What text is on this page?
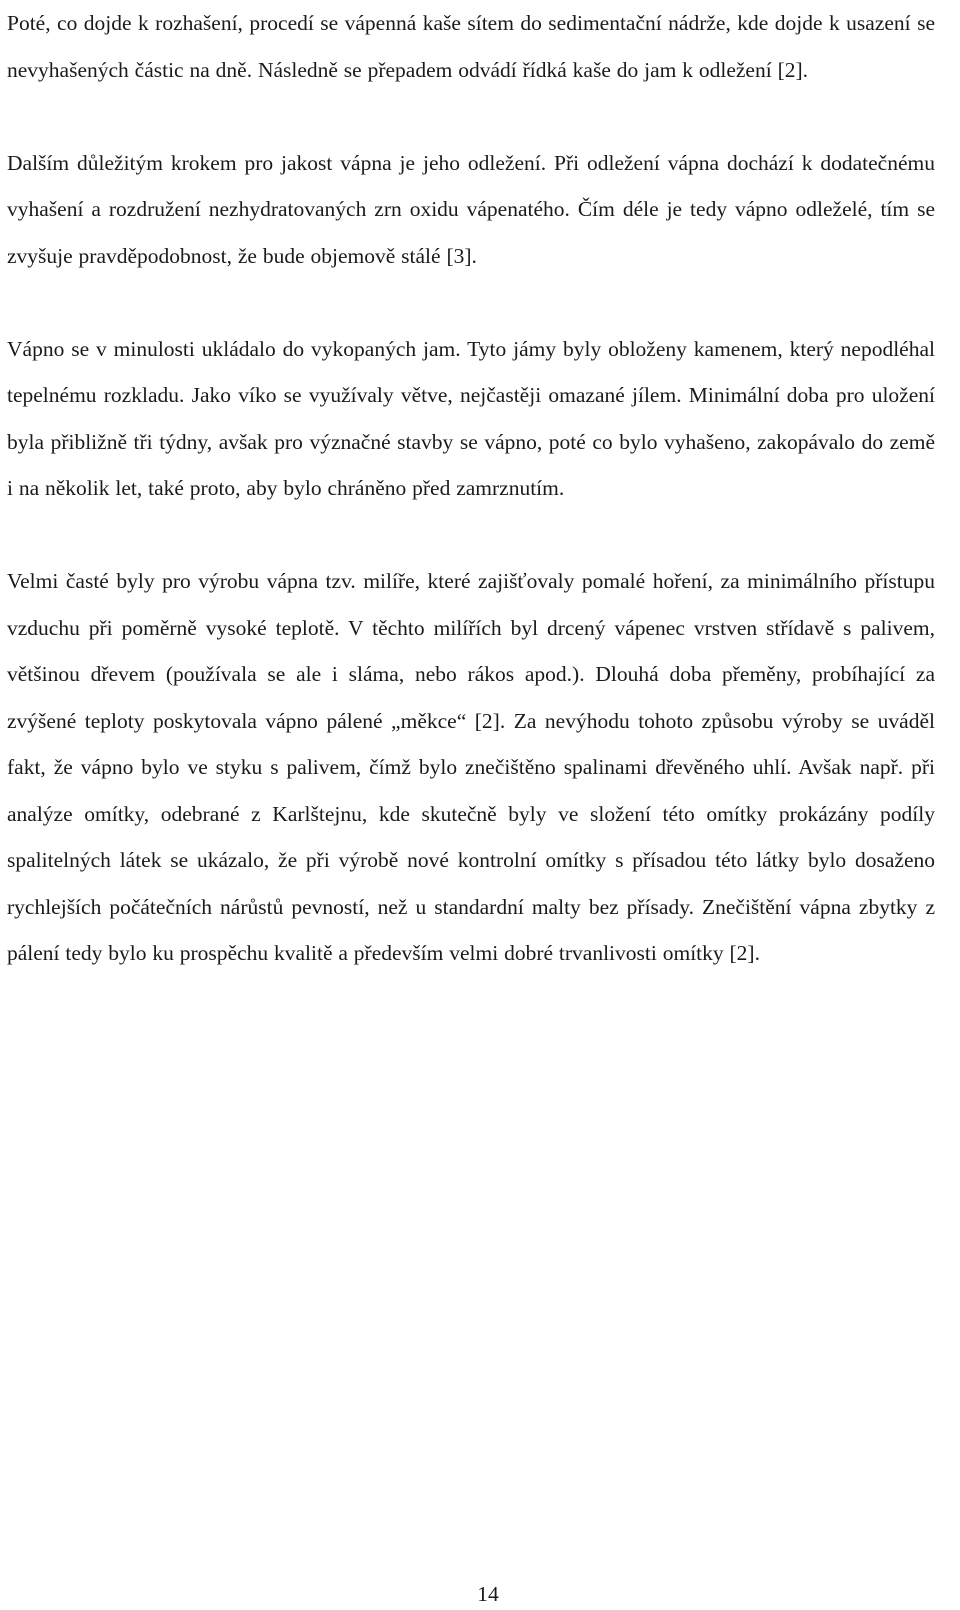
Poté, co dojde k rozhašení, procedí se vápenná kaše sítem do sedimentační nádrže, kde dojde k usazení se nevyhašených částic na dně. Následně se přepadem odvádí řídká kaše do jam k odležení [2].

Dalším důležitým krokem pro jakost vápna je jeho odležení. Při odležení vápna dochází k dodatečnému vyhašení a rozdružení nezhydratovaných zrn oxidu vápenatého. Čím déle je tedy vápno odleželé, tím se zvyšuje pravděpodobnost, že bude objemově stálé [3].

Vápno se v minulosti ukládalo do vykopaných jam. Tyto jámy byly obloženy kamenem, který nepodléhal tepelnému rozkladu. Jako víko se využívaly větve, nejčastěji omazané jílem. Minimální doba pro uložení byla přibližně tři týdny, avšak pro význačné stavby se vápno, poté co bylo vyhašeno, zakopávalo do země i na několik let, také proto, aby bylo chráněno před zamrznutím.

Velmi časté byly pro výrobu vápna tzv. milíře, které zajišťovaly pomalé hoření, za minimálního přístupu vzduchu při poměrně vysoké teplotě. V těchto milířích byl drcený vápenec vrstven střídavě s palivem, většinou dřevem (používala se ale i sláma, nebo rákos apod.). Dlouhá doba přeměny, probíhající za zvýšené teploty poskytovala vápno pálené „měkce“ [2]. Za nevýhodu tohoto způsobu výroby se uváděl fakt, že vápno bylo ve styku s palivem, čímž bylo znečištěno spalinami dřevěného uhlí. Avšak např. při analýze omítky, odebrané z Karlštejnu, kde skutečně byly ve složení této omítky prokázány podíly spalitelných látek se ukázalo, že při výrobě nové kontrolní omítky s přísadou této látky bylo dosaženo rychlejších počátečních nárůstů pevností, než u standardní malty bez přísady. Znečištění vápna zbytky z pálení tedy bylo ku prospěchu kvalitě a především velmi dobré trvanlivosti omítky [2].

14
